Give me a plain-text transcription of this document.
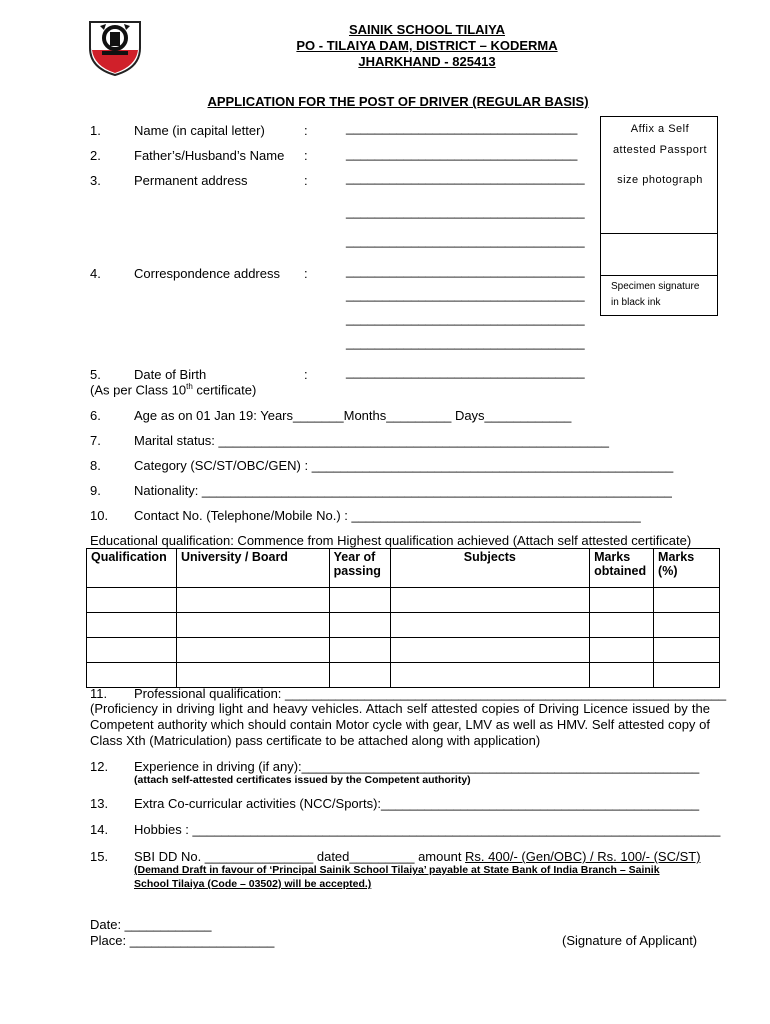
SAINIK SCHOOL TILAIYA
PO - TILAIYA DAM, DISTRICT – KODERMA
JHARKHAND - 825413
APPLICATION FOR THE POST OF DRIVER (REGULAR BASIS)
Affix a Self
attested Passport
size photograph
Specimen signature
in black ink
1.	Name (in capital letter)	:	________________________________
2.	Father’s/Husband’s Name :	________________________________
3.	Permanent address	:	_________________________________
_________________________________
_________________________________
4.	Correspondence address :	_________________________________
_________________________________
_________________________________
_________________________________
5.	Date of Birth
(As per Class 10th certificate)
:	_________________________________
6.	Age as on 01 Jan 19: Years_______Months_________ Days____________
7.	Marital status: ______________________________________________________
8.	Category (SC/ST/OBC/GEN) : __________________________________________________
9.	Nationality: _________________________________________________________________
10. Contact No. (Telephone/Mobile No.) : ________________________________________
Educational qualification: Commence from Highest qualification achieved (Attach self attested certificate)
Qualification	University / Board	Year of passing	Subjects	Marks obtained	Marks (%)

11. Professional qualification: _____________________________________________________________
(Proficiency in driving light and heavy vehicles. Attach self attested copies of Driving Licence issued by the Competent authority which should contain Motor cycle with gear, LMV as well as HMV. Self attested copy of Class Xth (Matriculation) pass certificate to be attached along with application)
12. Experience in driving (if any):_______________________________________________________
(attach self-attested certificates issued by the Competent authority)
13. Extra Co-curricular activities (NCC/Sports):____________________________________________
14. Hobbies : _________________________________________________________________________
15. SBI DD No. _______________ dated_________ amount Rs. 400/- (Gen/OBC) / Rs. 100/- (SC/ST)
(Demand Draft in favour of ‘Principal Sainik School Tilaiya’ payable at State Bank of India Branch – Sainik
School Tilaiya (Code – 03502) will be accepted.)
Date: ____________
Place: ____________________	(Signature of Applicant)
